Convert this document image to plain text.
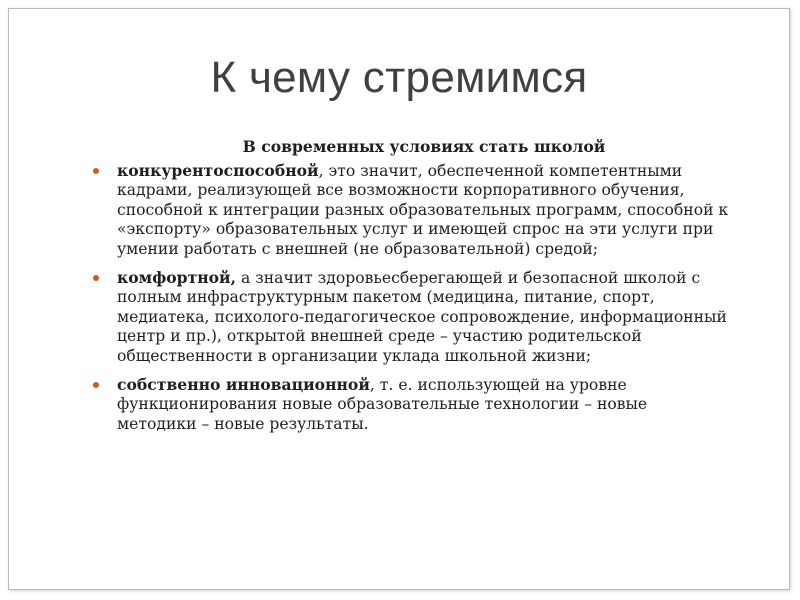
К чему стремимся

В современных условиях стать школой

конкурентоспособной, это значит, обеспеченной компетентными кадрами, реализующей все возможности корпоративного обучения, способной к интеграции разных образовательных программ, способной к «экспорту» образовательных услуг и имеющей спрос на эти услуги при умении работать с внешней (не образовательной) средой;
комфортной, а значит здоровьесберегающей и безопасной школой с полным инфраструктурным пакетом (медицина, питание, спорт, медиатека, психолого-педагогическое сопровождение, информационный центр и пр.), открытой внешней среде – участию родительской общественности в организации уклада школьной жизни;
собственно инновационной, т. е. использующей на уровне функционирования новые образовательные технологии – новые методики – новые результаты.
